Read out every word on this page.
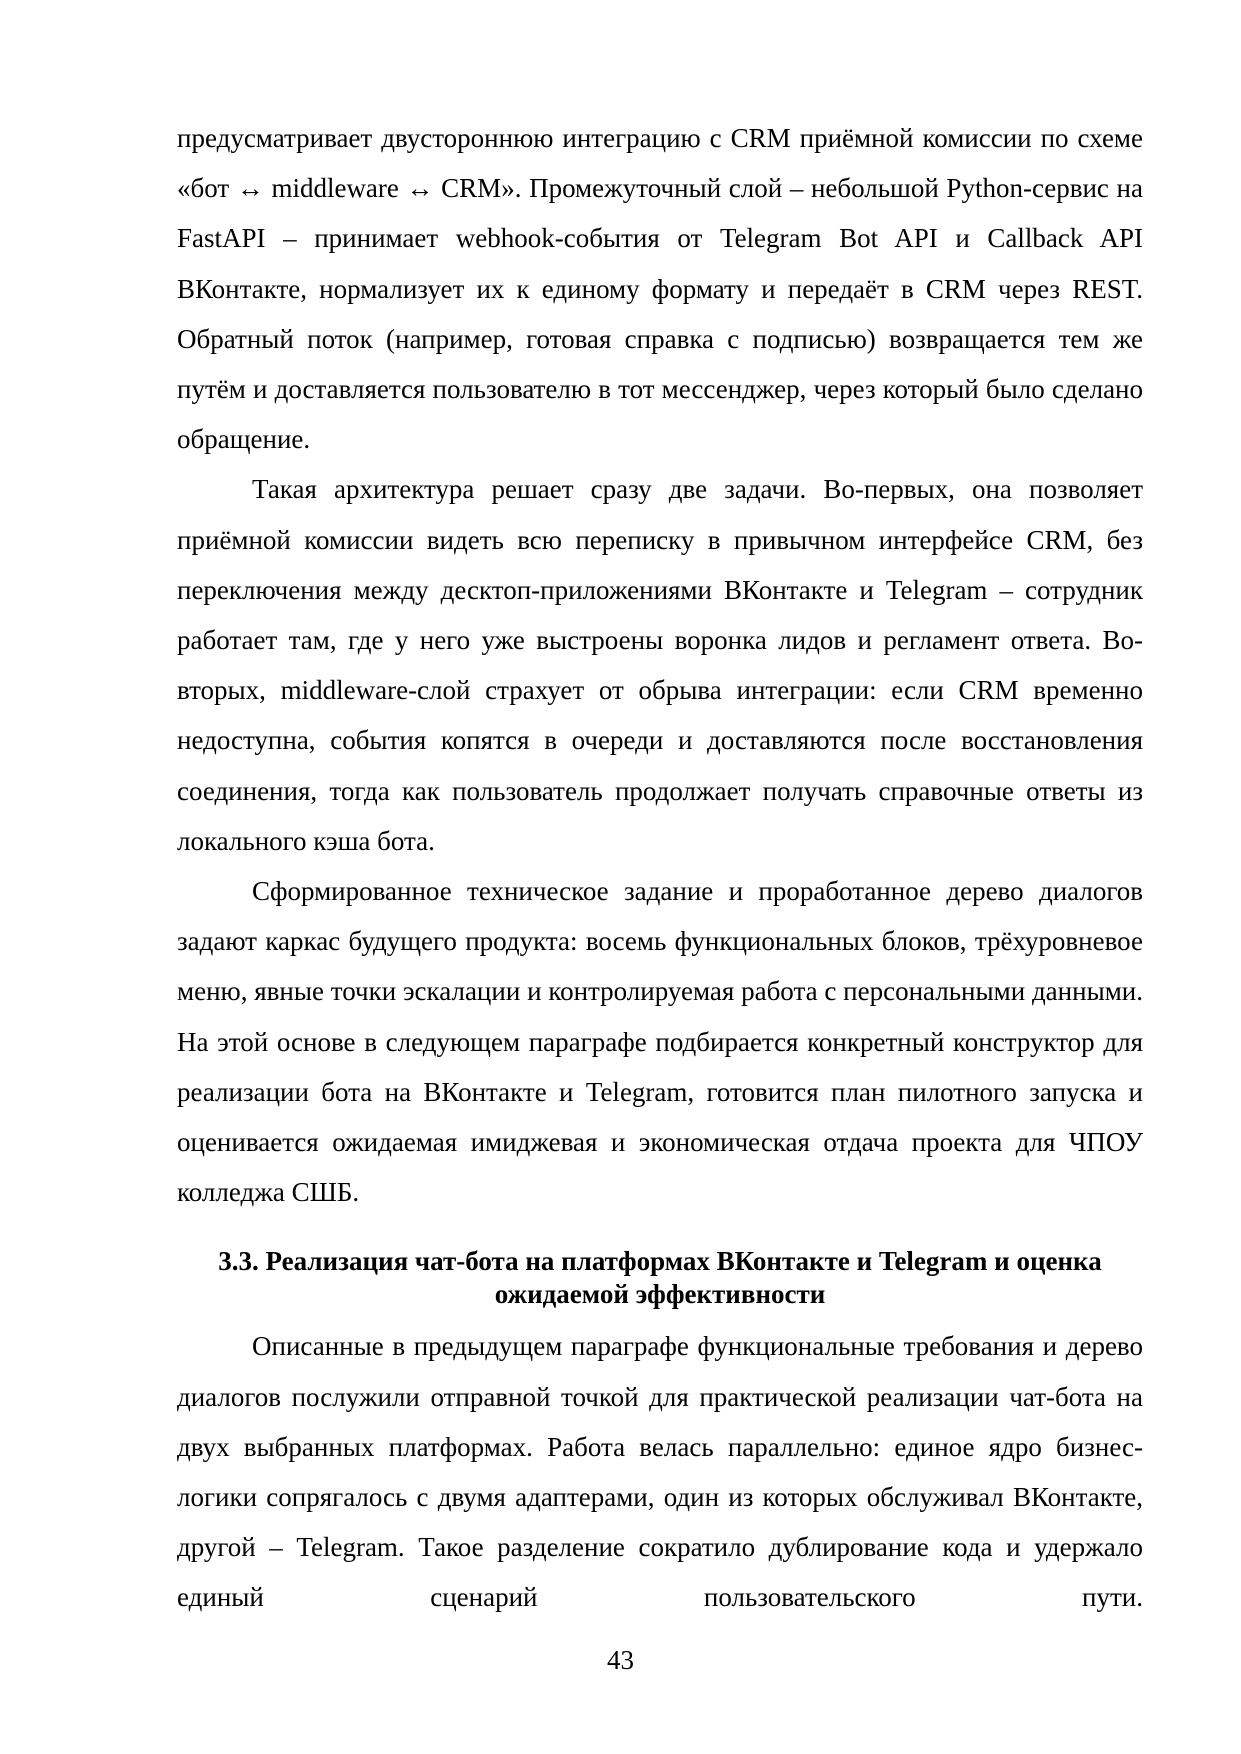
предусматривает двустороннюю интеграцию с CRM приёмной комиссии по схеме «бот ↔ middleware ↔ CRM». Промежуточный слой – небольшой Python-сервис на FastAPI – принимает webhook-события от Telegram Bot API и Callback API ВКонтакте, нормализует их к единому формату и передаёт в CRM через REST. Обратный поток (например, готовая справка с подписью) возвращается тем же путём и доставляется пользователю в тот мессенджер, через который было сделано обращение.

Такая архитектура решает сразу две задачи. Во-первых, она позволяет приёмной комиссии видеть всю переписку в привычном интерфейсе CRM, без переключения между десктоп-приложениями ВКонтакте и Telegram – сотрудник работает там, где у него уже выстроены воронка лидов и регламент ответа. Во-вторых, middleware-слой страхует от обрыва интеграции: если CRM временно недоступна, события копятся в очереди и доставляются после восстановления соединения, тогда как пользователь продолжает получать справочные ответы из локального кэша бота.

Сформированное техническое задание и проработанное дерево диалогов задают каркас будущего продукта: восемь функциональных блоков, трёхуровневое меню, явные точки эскалации и контролируемая работа с персональными данными. На этой основе в следующем параграфе подбирается конкретный конструктор для реализации бота на ВКонтакте и Telegram, готовится план пилотного запуска и оценивается ожидаемая имиджевая и экономическая отдача проекта для ЧПОУ колледжа СШБ.

3.3. Реализация чат-бота на платформах ВКонтакте и Telegram и оценка ожидаемой эффективности

Описанные в предыдущем параграфе функциональные требования и дерево диалогов послужили отправной точкой для практической реализации чат-бота на двух выбранных платформах. Работа велась параллельно: единое ядро бизнес-логики сопрягалось с двумя адаптерами, один из которых обслуживал ВКонтакте, другой – Telegram. Такое разделение сократило дублирование кода и удержало единый сценарий пользовательского пути.

43
